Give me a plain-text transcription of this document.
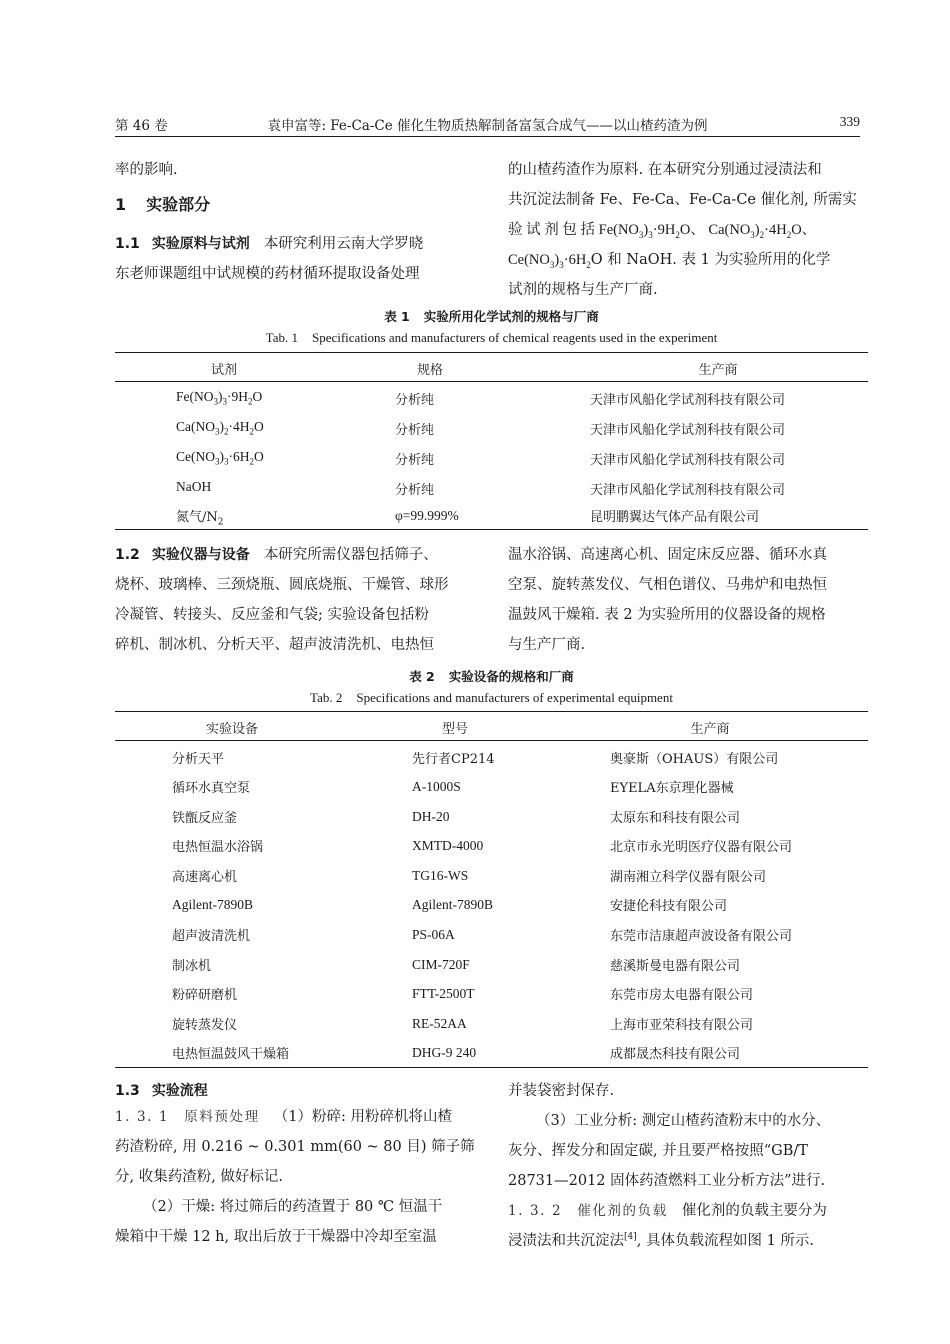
第 46 卷	袁申富等: Fe-Ca-Ce 催化生物质热解制备富氢合成气——以山楂药渣为例	339
率的影响.
1 实验部分
1.1 实验原料与试剂 本研究利用云南大学罗晓
东老师课题组中试规模的药材循环提取设备处理
的山楂药渣作为原料. 在本研究分别通过浸渍法和
共沉淀法制备 Fe、Fe-Ca、Fe-Ca-Ce 催化剂, 所需实
验 试 剂 包 括 $Fe(NO_3)_3\cdot 9H_2O$、 $Ca(NO_3)_2\cdot 4H_2O$、
$Ce(NO_3)_3\cdot 6H_2O$ 和 NaOH. 表 1 为实验所用的化学
试剂的规格与生产厂商.
表 1 实验所用化学试剂的规格与厂商
Tab. 1 Specifications and manufacturers of chemical reagents used in the experiment
试剂	规格	生产商
$Fe(NO_3)_3\cdot 9H_2O$	分析纯	天津市风船化学试剂科技有限公司
$Ca(NO_3)_2\cdot 4H_2O$	分析纯	天津市风船化学试剂科技有限公司
$Ce(NO_3)_3\cdot 6H_2O$	分析纯	天津市风船化学试剂科技有限公司
NaOH	分析纯	天津市风船化学试剂科技有限公司
氮气$/N_2$	φ=99.999%	昆明鹏翼达气体产品有限公司
1.2 实验仪器与设备 本研究所需仪器包括筛子、
烧杯、玻璃棒、三颈烧瓶、圆底烧瓶、干燥管、球形
冷凝管、转接头、反应釜和气袋; 实验设备包括粉
碎机、制冰机、分析天平、超声波清洗机、电热恒
温水浴锅、高速离心机、固定床反应器、循环水真
空泵、旋转蒸发仪、气相色谱仪、马弗炉和电热恒
温鼓风干燥箱. 表 2 为实验所用的仪器设备的规格
与生产厂商.
表 2 实验设备的规格和厂商
Tab. 2 Specifications and manufacturers of experimental equipment
实验设备	型号	生产商
分析天平	先行者CP214	奥豪斯（OHAUS）有限公司
循环水真空泵	A-1000S	EYELA东京理化器械
铁甑反应釜	DH-20	太原东和科技有限公司
电热恒温水浴锅	XMTD-4000	北京市永光明医疗仪器有限公司
高速离心机	TG16-WS	湖南湘立科学仪器有限公司
Agilent-7890B	Agilent-7890B	安捷伦科技有限公司
超声波清洗机	PS-06A	东莞市洁康超声波设备有限公司
制冰机	CIM-720F	慈溪斯曼电器有限公司
粉碎研磨机	FTT-2500T	东莞市房太电器有限公司
旋转蒸发仪	RE-52AA	上海市亚荣科技有限公司
电热恒温鼓风干燥箱	DHG-9 240	成都晟杰科技有限公司
1.3 实验流程
1. 3. 1　原料预处理 （1）粉碎: 用粉碎机将山楂
药渣粉碎, 用 0.216 ~ 0.301 mm(60 ~ 80 目) 筛子筛
分, 收集药渣粉, 做好标记.
（2）干燥: 将过筛后的药渣置于 80 ℃ 恒温干
燥箱中干燥 12 h, 取出后放于干燥器中冷却至室温
并装袋密封保存.
（3）工业分析: 测定山楂药渣粉末中的水分、
灰分、挥发分和固定碳, 并且要严格按照“GB/T
28731—2012 固体药渣燃料工业分析方法”进行.
1. 3. 2　催化剂的负载 催化剂的负载主要分为
浸渍法和共沉淀法[4], 具体负载流程如图 1 所示.
